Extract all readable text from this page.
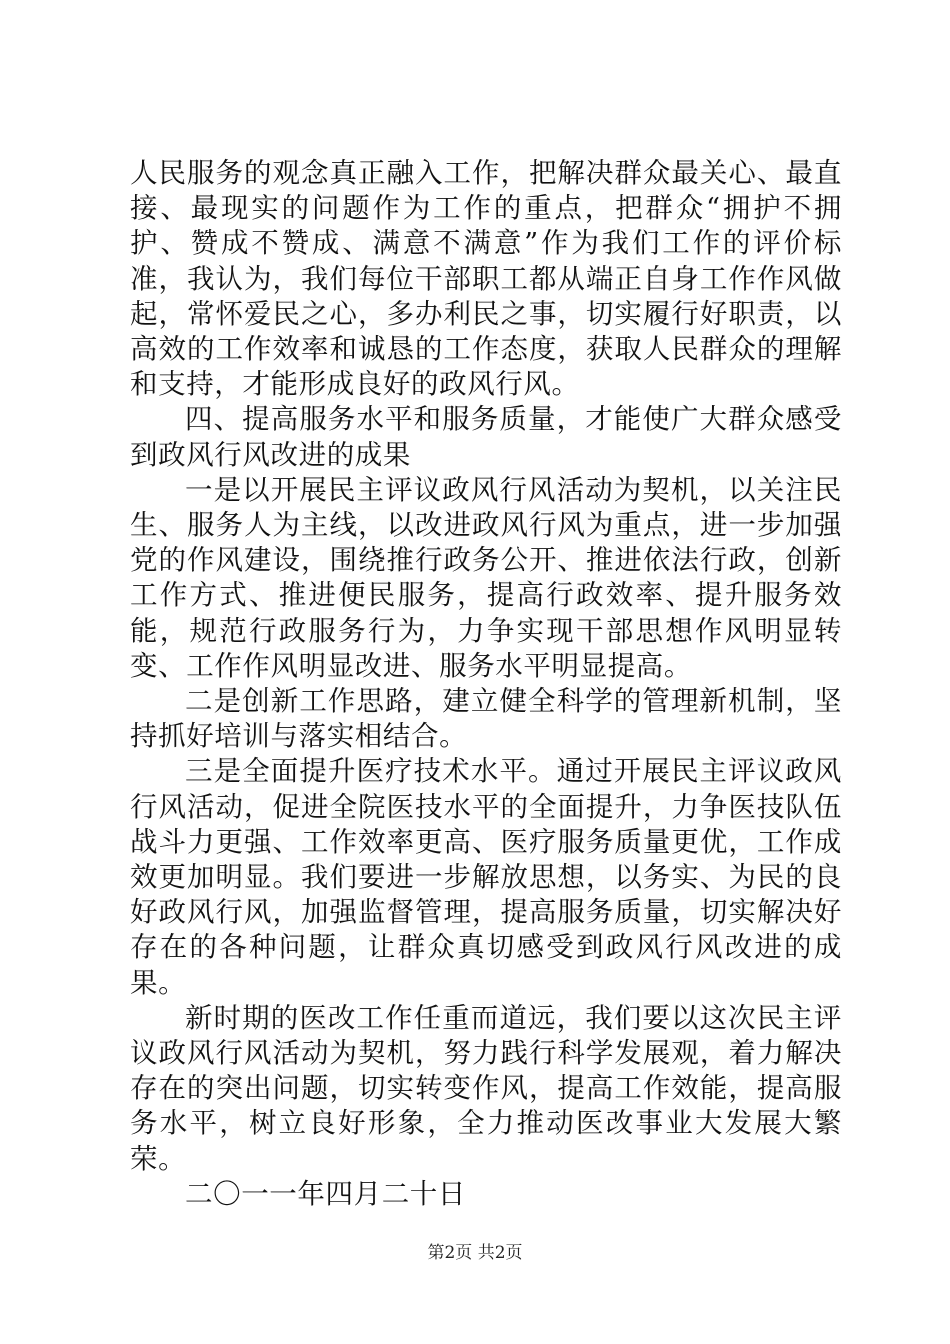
人民服务的观念真正融入工作，把解决群众最关心、最直接、最现实的问题作为工作的重点，把群众“拥护不拥护、赞成不赞成、满意不满意”作为我们工作的评价标准，我认为，我们每位干部职工都从端正自身工作作风做起，常怀爱民之心，多办利民之事，切实履行好职责，以高效的工作效率和诚恳的工作态度，获取人民群众的理解和支持，才能形成良好的政风行风。

四、提高服务水平和服务质量，才能使广大群众感受到政风行风改进的成果

一是以开展民主评议政风行风活动为契机，以关注民生、服务人为主线，以改进政风行风为重点，进一步加强党的作风建设，围绕推行政务公开、推进依法行政，创新工作方式、推进便民服务，提高行政效率、提升服务效能，规范行政服务行为，力争实现干部思想作风明显转变、工作作风明显改进、服务水平明显提高。

二是创新工作思路，建立健全科学的管理新机制，坚持抓好培训与落实相结合。

三是全面提升医疗技术水平。通过开展民主评议政风行风活动，促进全院医技水平的全面提升，力争医技队伍战斗力更强、工作效率更高、医疗服务质量更优，工作成效更加明显。我们要进一步解放思想，以务实、为民的良好政风行风，加强监督管理，提高服务质量，切实解决好存在的各种问题，让群众真切感受到政风行风改进的成果。

新时期的医改工作任重而道远，我们要以这次民主评议政风行风活动为契机，努力践行科学发展观，着力解决存在的突出问题，切实转变作风，提高工作效能，提高服务水平，树立良好形象，全力推动医改事业大发展大繁荣。

二〇一一年四月二十日

第2页 共2页
